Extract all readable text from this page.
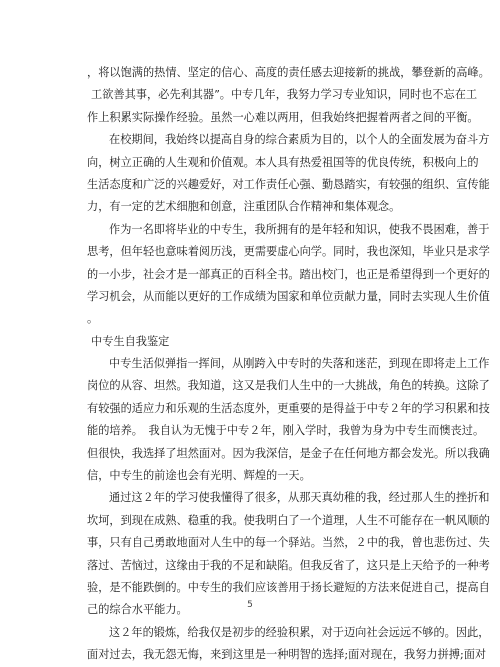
，将以饱满的热情、坚定的信心、高度的责任感去迎接新的挑战，攀登新的高峰。
工欲善其事，必先利其器”。中专几年，我努力学习专业知识，同时也不忘在工
作上积累实际操作经验。虽然一心难以两用，但我始终把握着两者之间的平衡。
在校期间，我始终以提高自身的综合素质为目的，以个人的全面发展为奋斗方
向，树立正确的人生观和价值观。本人具有热爱祖国等的优良传统，积极向上的
生活态度和广泛的兴趣爱好，对工作责任心强、勤恳踏实，有较强的组织、宣传能
力，有一定的艺术细胞和创意，注重团队合作精神和集体观念。
作为一名即将毕业的中专生，我所拥有的是年轻和知识，使我不畏困难，善于
思考，但年轻也意味着阅历浅，更需要虚心向学。同时，我也深知，毕业只是求学
的一小步，社会才是一部真正的百科全书。踏出校门，也正是希望得到一个更好的
学习机会，从而能以更好的工作成绩为国家和单位贡献力量，同时去实现人生价值
。
中专生自我鉴定
中专生活似弹指一挥间，从刚跨入中专时的失落和迷茫，到现在即将走上工作
岗位的从容、坦然。我知道，这又是我们人生中的一大挑战，角色的转换。这除了
有较强的适应力和乐观的生活态度外，更重要的是得益于中专２年的学习积累和技
能的培养。　我自认为无愧于中专２年，刚入学时，我曾为身为中专生而懊丧过。
但很快，我选择了坦然面对。因为我深信，是金子在任何地方都会发光。所以我确
信，中专生的前途也会有光明、辉煌的一天。
通过这２年的学习使我懂得了很多，从那天真幼稚的我，经过那人生的挫折和
坎坷，到现在成熟、稳重的我。使我明白了一个道理，人生不可能存在一帆风顺的
事，只有自己勇敢地面对人生中的每一个驿站。当然，２中的我，曾也悲伤过、失
落过、苦恼过，这缘由于我的不足和缺陷。但我反省了，这只是上天给予的一种考
验，是不能跌倒的。中专生的我们应该善用于扬长避短的方法来促进自己，提高自
己的综合水平能力。
这２年的锻炼，给我仅是初步的经验积累，对于迈向社会远远不够的。因此，
面对过去，我无怨无悔，来到这里是一种明智的选择;面对现在，我努力拼搏;面对
5
